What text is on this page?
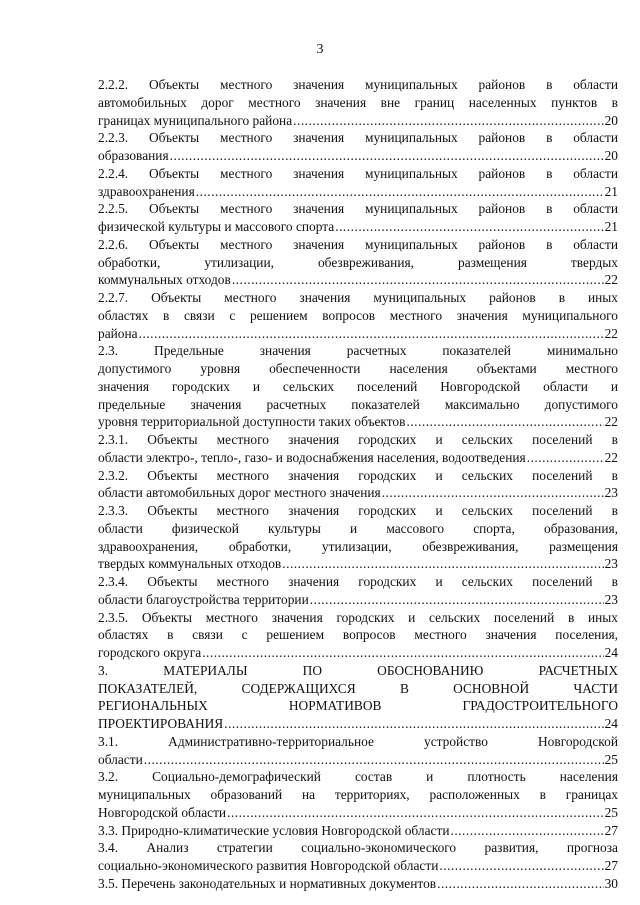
3
2.2.2. Объекты местного значения муниципальных районов в области
автомобильных дорог местного значения вне границ населенных пунктов в
границах муниципального района .....	20
2.2.3. Объекты местного значения муниципальных районов в области
образования .....	20
2.2.4. Объекты местного значения муниципальных районов в области
здравоохранения .....	21
2.2.5. Объекты местного значения муниципальных районов в области
физической культуры и массового спорта .....	21
2.2.6. Объекты местного значения муниципальных районов в области
обработки, утилизации, обезвреживания, размещения твердых
коммунальных отходов .....	22
2.2.7. Объекты местного значения муниципальных районов в иных
областях в связи с решением вопросов местного значения муниципального
района .....	22
2.3. Предельные значения расчетных показателей минимально
допустимого уровня обеспеченности населения объектами местного
значения городских и сельских поселений Новгородской области и
предельные значения расчетных показателей максимально допустимого
уровня территориальной доступности таких объектов .....	22
2.3.1. Объекты местного значения городских и сельских поселений в
области электро-, тепло-, газо- и водоснабжения населения, водоотведения .....	22
2.3.2. Объекты местного значения городских и сельских поселений в
области автомобильных дорог местного значения .....	23
2.3.3. Объекты местного значения городских и сельских поселений в
области физической культуры и массового спорта, образования,
здравоохранения, обработки, утилизации, обезвреживания, размещения
твердых коммунальных отходов .....	23
2.3.4. Объекты местного значения городских и сельских поселений в
области благоустройства территории .....	23
2.3.5. Объекты местного значения городских и сельских поселений в иных
областях в связи с решением вопросов местного значения поселения,
городского округа .....	24
3. МАТЕРИАЛЫ ПО ОБОСНОВАНИЮ РАСЧЕТНЫХ
ПОКАЗАТЕЛЕЙ, СОДЕРЖАЩИХСЯ В ОСНОВНОЙ ЧАСТИ
РЕГИОНАЛЬНЫХ НОРМАТИВОВ ГРАДОСТРОИТЕЛЬНОГО
ПРОЕКТИРОВАНИЯ .....	24
3.1. Административно-территориальное устройство Новгородской
области .....	25
3.2. Социально-демографический состав и плотность населения
муниципальных образований на территориях, расположенных в границах
Новгородской области .....	25
3.3. Природно-климатические условия Новгородской области .....	27
3.4. Анализ стратегии социально-экономического развития, прогноза
социально-экономического развития Новгородской области .....	27
3.5. Перечень законодательных и нормативных документов .....	30
